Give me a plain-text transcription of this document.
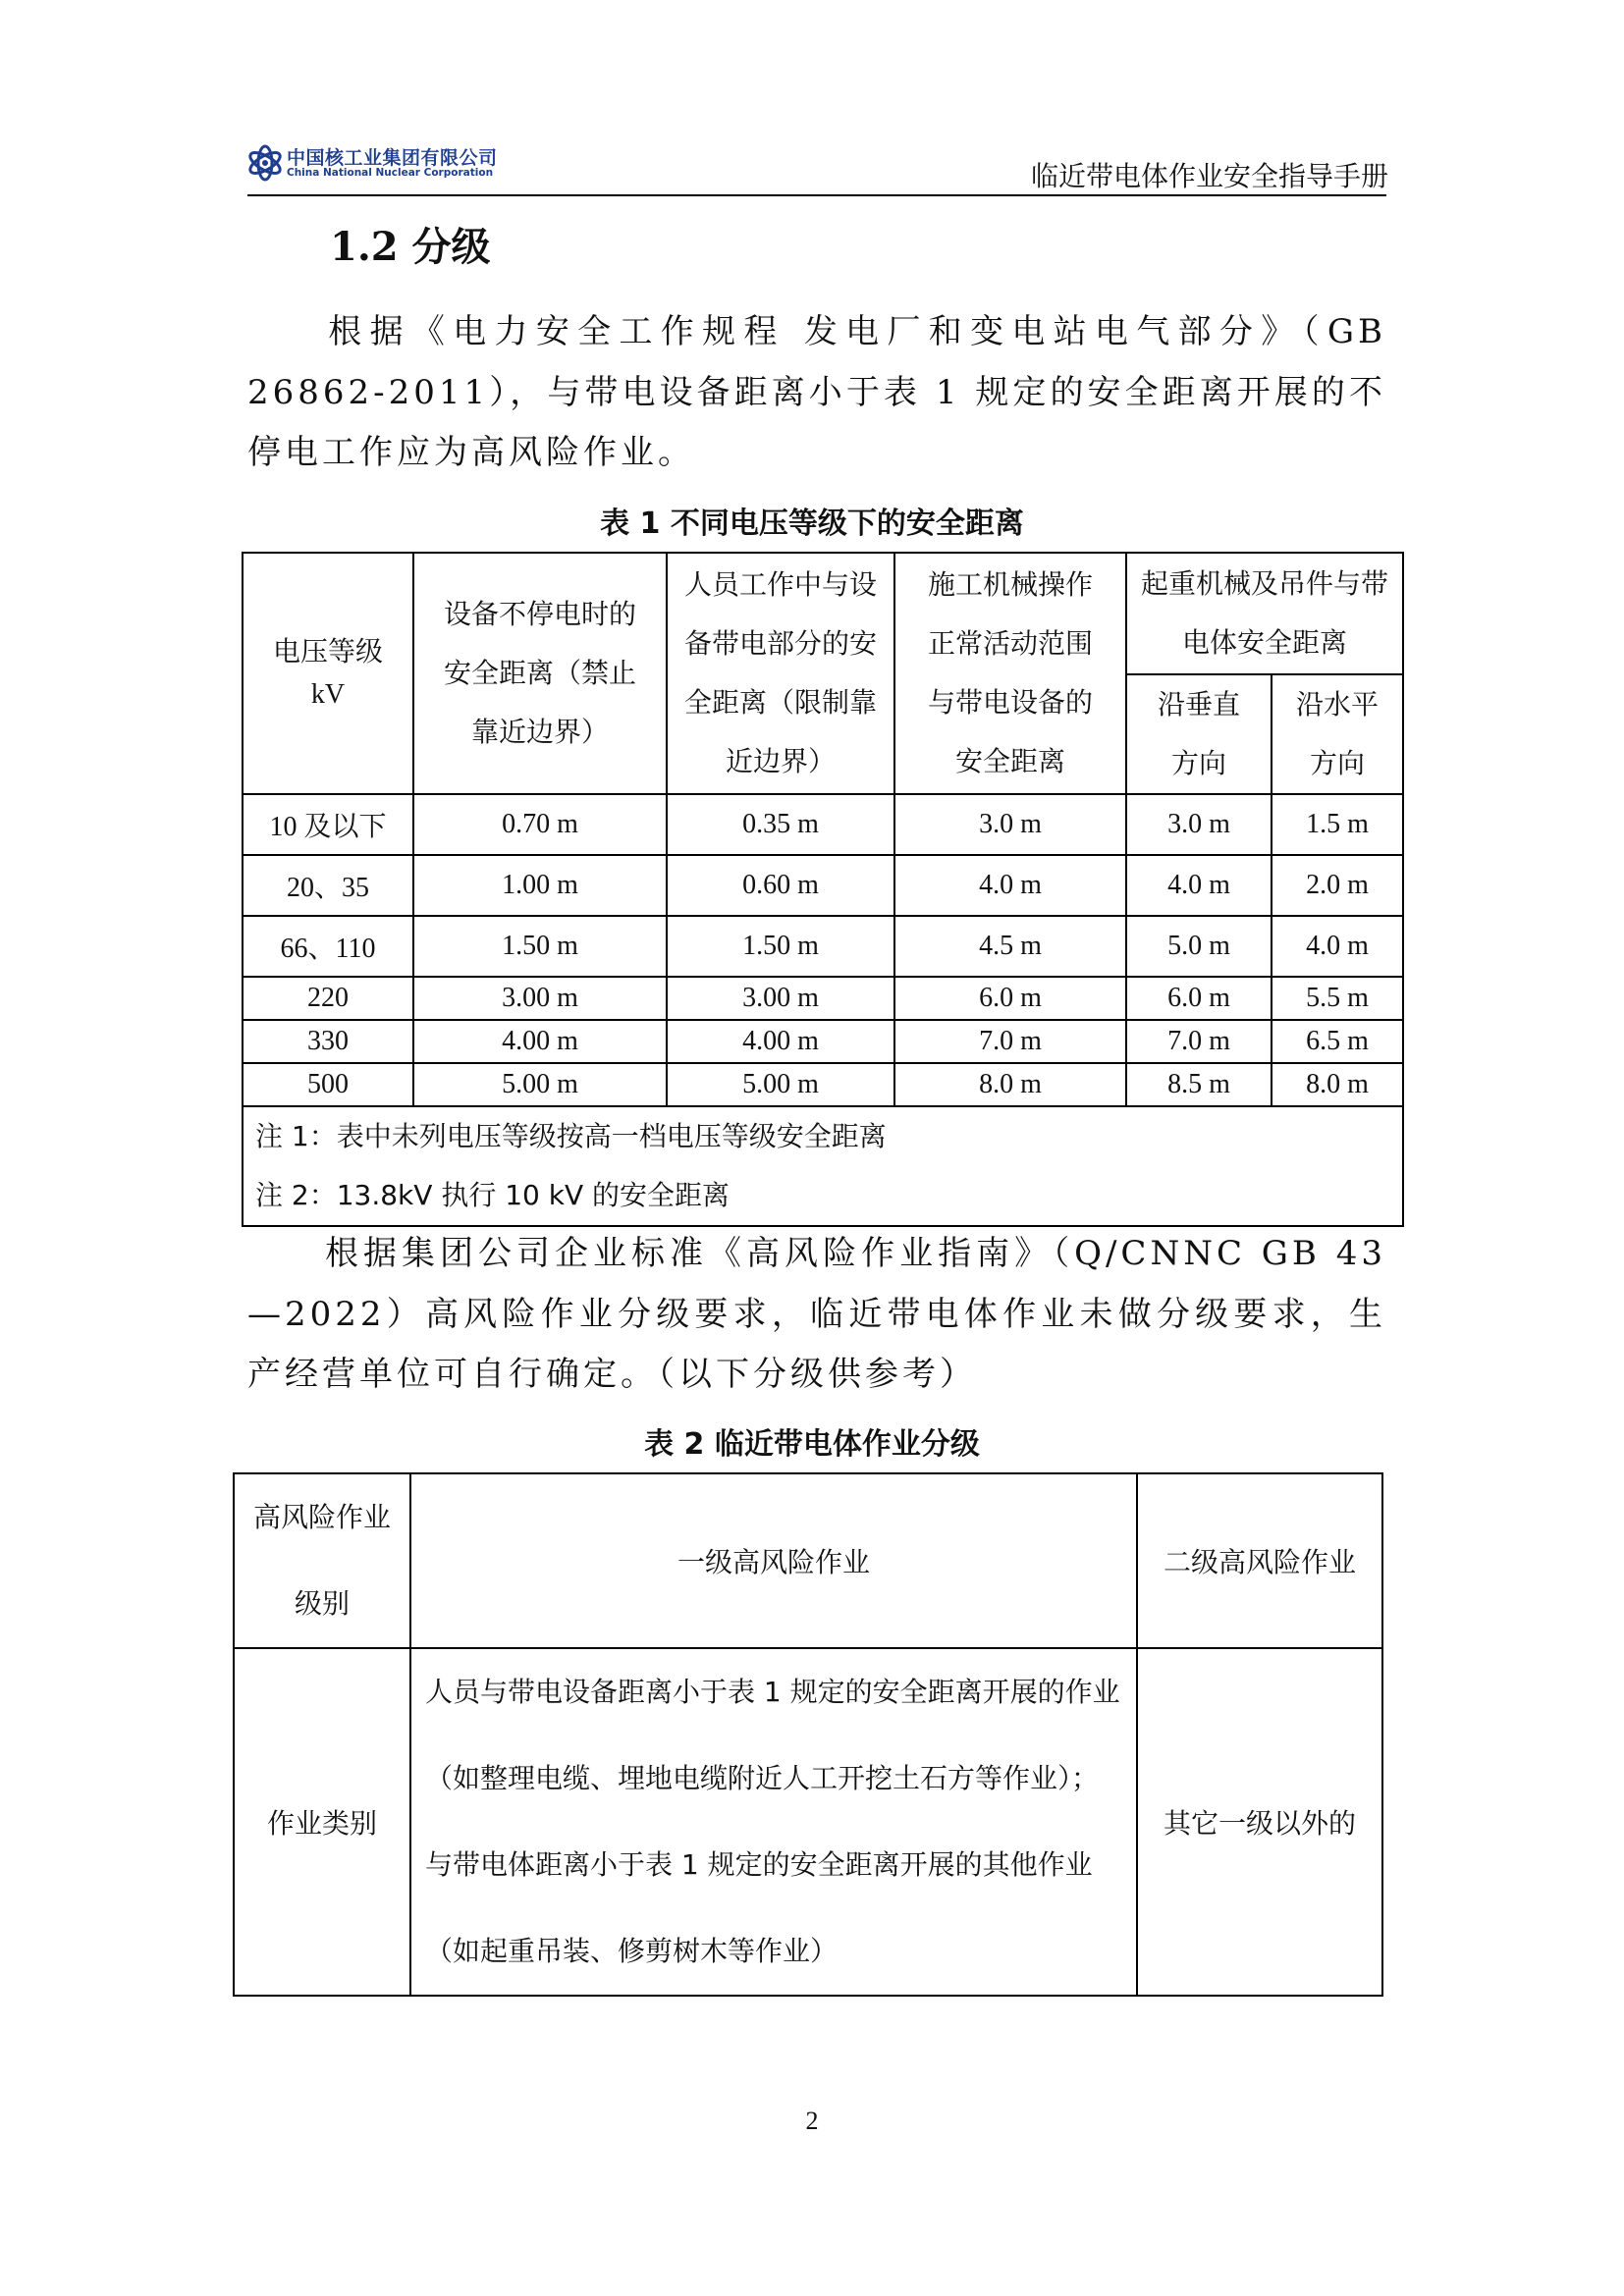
中国核工业集团有限公司
China National Nuclear Corporation	临近带电体作业安全指导手册
1.2 分级
根据《电力安全工作规程 发电厂和变电站电气部分》（GB 26862-2011），与带电设备距离小于表 1 规定的安全距离开展的不停电工作应为高风险作业。
表 1 不同电压等级下的安全距离
电压等级
kV	设备不停电时的安全距离（禁止靠近边界）	人员工作中与设备带电部分的安全距离（限制靠近边界）	施工机械操作正常活动范围与带电设备的安全距离	起重机械及吊件与带电体安全距离	
				沿垂直方向	沿水平方向
10 及以下	0.70 m	0.35 m	3.0 m	3.0 m	1.5 m
20、35	1.00 m	0.60 m	4.0 m	4.0 m	2.0 m
66、110	1.50 m	1.50 m	4.5 m	5.0 m	4.0 m
220	3.00 m	3.00 m	6.0 m	6.0 m	5.5 m
330	4.00 m	4.00 m	7.0 m	7.0 m	6.5 m
500	5.00 m	5.00 m	8.0 m	8.5 m	8.0 m

注 1：表中未列电压等级按高一档电压等级安全距离
注 2：13.8kV 执行 10 kV 的安全距离					
根据集团公司企业标准《高风险作业指南》（Q/CNNC GB 43—2022）高风险作业分级要求，临近带电体作业未做分级要求，生产经营单位可自行确定。（以下分级供参考）
表 2 临近带电体作业分级
高风险作业级别	一级高风险作业	二级高风险作业
作业类别	人员与带电设备距离小于表 1 规定的安全距离开展的作业（如整理电缆、埋地电缆附近人工开挖土石方等作业）；与带电体距离小于表 1 规定的安全距离开展的其他作业（如起重吊装、修剪树木等作业）	其它一级以外的
2
